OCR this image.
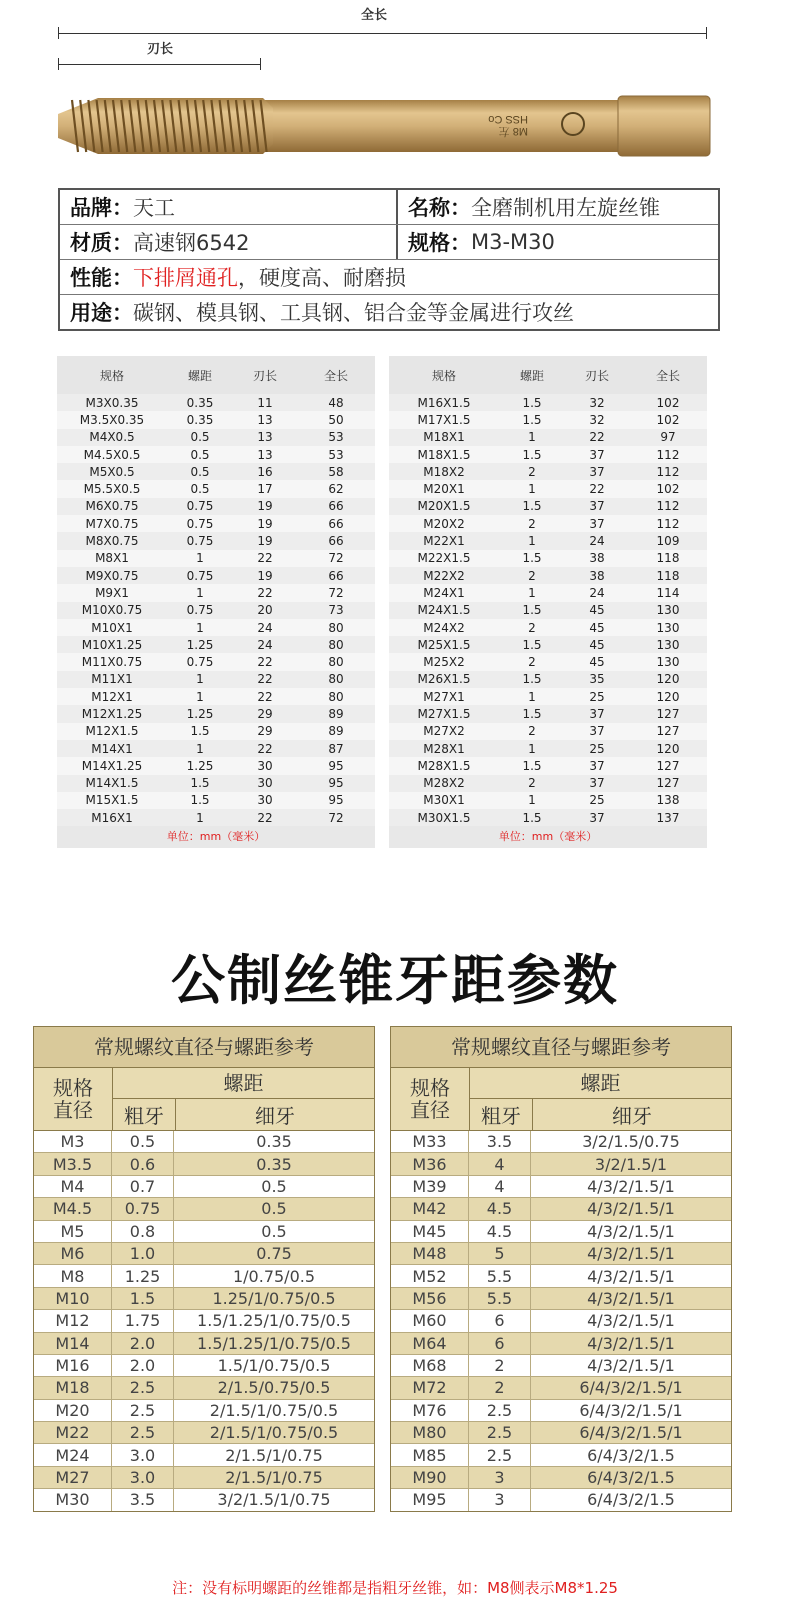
全长
刃长
HSS Co
M8 左
品牌 ： 天工	名称 ： 全磨制机用左旋丝锥
材质 ： 高速钢6542	规格 ： M3-M30
性能 ： 下排屑通孔 ，硬度高、耐磨损
用途 ： 碳钢、模具钢、工具钢、铝合金等金属进行攻丝
规格	螺距	刃长	全长
M3X0.35	0.35	11	48
M3.5X0.35	0.35	13	50
M4X0.5	0.5	13	53
M4.5X0.5	0.5	13	53
M5X0.5	0.5	16	58
M5.5X0.5	0.5	17	62
M6X0.75	0.75	19	66
M7X0.75	0.75	19	66
M8X0.75	0.75	19	66
M8X1	1	22	72
M9X0.75	0.75	19	66
M9X1	1	22	72
M10X0.75	0.75	20	73
M10X1	1	24	80
M10X1.25	1.25	24	80
M11X0.75	0.75	22	80
M11X1	1	22	80
M12X1	1	22	80
M12X1.25	1.25	29	89
M12X1.5	1.5	29	89
M14X1	1	22	87
M14X1.25	1.25	30	95
M14X1.5	1.5	30	95
M15X1.5	1.5	30	95
M16X1	1	22	72
单位：mm（毫米）
规格	螺距	刃长	全长
M16X1.5	1.5	32	102
M17X1.5	1.5	32	102
M18X1	1	22	97
M18X1.5	1.5	37	112
M18X2	2	37	112
M20X1	1	22	102
M20X1.5	1.5	37	112
M20X2	2	37	112
M22X1	1	24	109
M22X1.5	1.5	38	118
M22X2	2	38	118
M24X1	1	24	114
M24X1.5	1.5	45	130
M24X2	2	45	130
M25X1.5	1.5	45	130
M25X2	2	45	130
M26X1.5	1.5	35	120
M27X1	1	25	120
M27X1.5	1.5	37	127
M27X2	2	37	127
M28X1	1	25	120
M28X1.5	1.5	37	127
M28X2	2	37	127
M30X1	1	25	138
M30X1.5	1.5	37	137
单位：mm（毫米）
公制丝锥牙距参数
常规螺纹直径与螺距参考
规格
直径
螺距
粗牙	细牙
M3	0.5	0.35
M3.5	0.6	0.35
M4	0.7	0.5
M4.5	0.75	0.5
M5	0.8	0.5
M6	1.0	0.75
M8	1.25	1/0.75/0.5
M10	1.5	1.25/1/0.75/0.5
M12	1.75	1.5/1.25/1/0.75/0.5
M14	2.0	1.5/1.25/1/0.75/0.5
M16	2.0	1.5/1/0.75/0.5
M18	2.5	2/1.5/0.75/0.5
M20	2.5	2/1.5/1/0.75/0.5
M22	2.5	2/1.5/1/0.75/0.5
M24	3.0	2/1.5/1/0.75
M27	3.0	2/1.5/1/0.75
M30	3.5	3/2/1.5/1/0.75
常规螺纹直径与螺距参考
规格
直径
螺距
粗牙	细牙
M33	3.5	3/2/1.5/0.75
M36	4	3/2/1.5/1
M39	4	4/3/2/1.5/1
M42	4.5	4/3/2/1.5/1
M45	4.5	4/3/2/1.5/1
M48	5	4/3/2/1.5/1
M52	5.5	4/3/2/1.5/1
M56	5.5	4/3/2/1.5/1
M60	6	4/3/2/1.5/1
M64	6	4/3/2/1.5/1
M68	2	4/3/2/1.5/1
M72	2	6/4/3/2/1.5/1
M76	2.5	6/4/3/2/1.5/1
M80	2.5	6/4/3/2/1.5/1
M85	2.5	6/4/3/2/1.5
M90	3	6/4/3/2/1.5
M95	3	6/4/3/2/1.5
注：没有标明螺距的丝锥都是指粗牙丝锥，如：M8侧表示M8*1.25
